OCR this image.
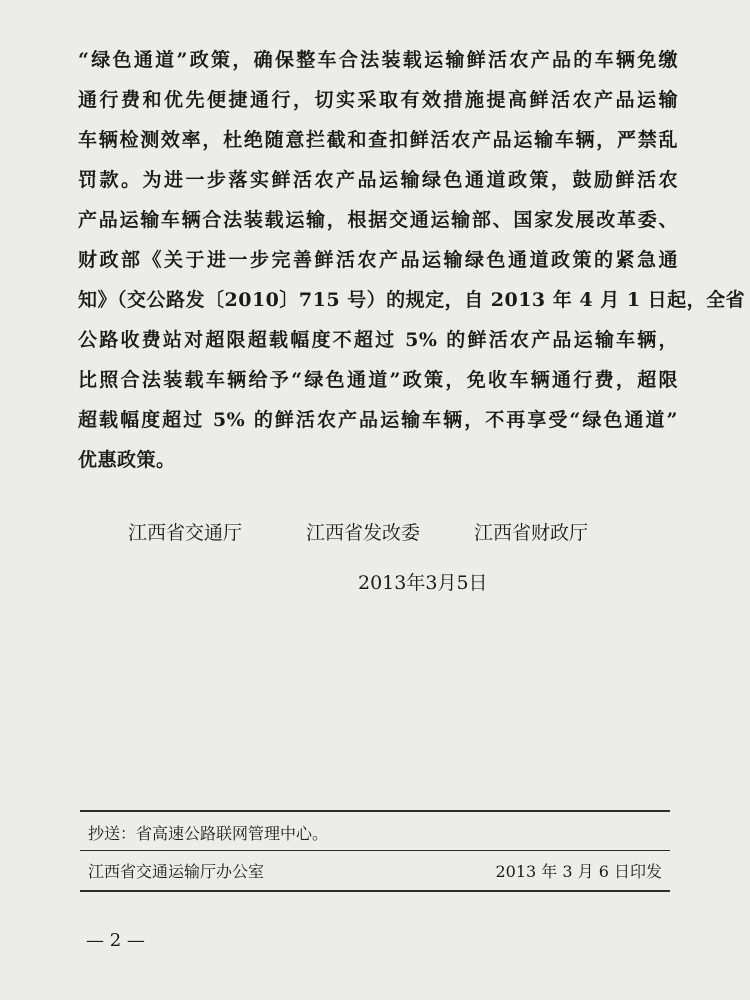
“绿色通道”政策，确保整车合法装载运输鲜活农产品的车辆免缴
通行费和优先便捷通行，切实采取有效措施提高鲜活农产品运输
车辆检测效率，杜绝随意拦截和查扣鲜活农产品运输车辆，严禁乱
罚款。为进一步落实鲜活农产品运输绿色通道政策，鼓励鲜活农
产品运输车辆合法装载运输，根据交通运输部、国家发展改革委、
财政部《关于进一步完善鲜活农产品运输绿色通道政策的紧急通
知》（交公路发〔2010〕715 号）的规定，自 2013 年 4 月 1 日起，全省
公路收费站对超限超载幅度不超过 5% 的鲜活农产品运输车辆，
比照合法装载车辆给予“绿色通道”政策，免收车辆通行费，超限
超载幅度超过 5% 的鲜活农产品运输车辆，不再享受“绿色通道”
优惠政策。
江西省交通厅	江西省发改委	江西省财政厅
2013年3月5日
抄送：省高速公路联网管理中心。
江西省交通运输厅办公室	2013 年 3 月 6 日印发
— 2 —
